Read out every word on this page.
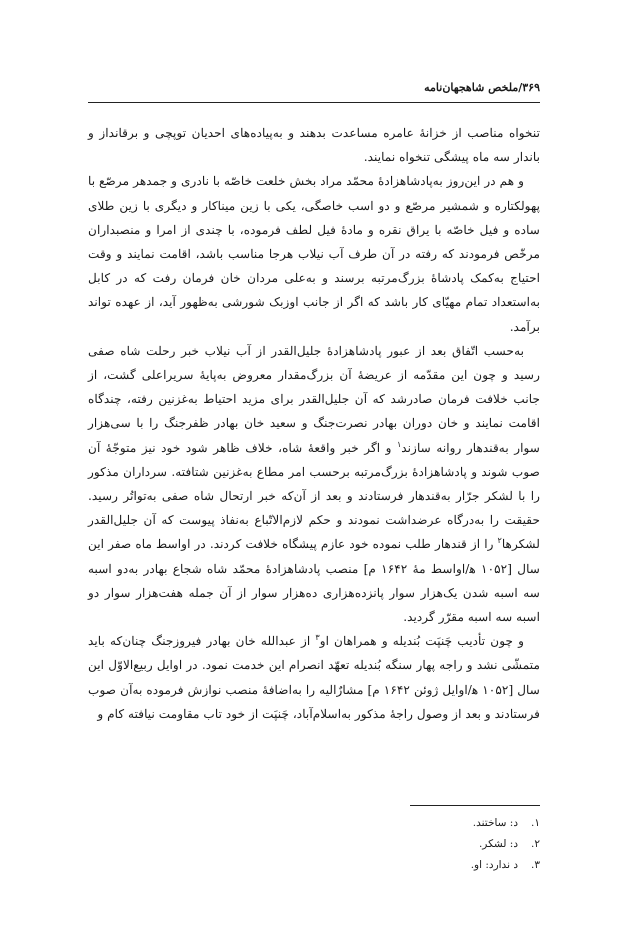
۳۶۹/ملخص شاهجهان‌نامه

تنخواه مناصب از خزانهٔ عامره مساعدت بدهند و به‌پیاده‌های احدیان توپچی و برقانداز و باندار سه ماه پیشگی تنخواه نمایند.

و هم در این‌روز به‌پادشاهزادهٔ محمّد مراد بخش خلعت خاصّه با نادری و جمدهر مرصّع با پهولکتاره و شمشیر مرصّع و دو اسب خاصگی، یکی با زین میناکار و دیگری با زین طلای ساده و فیل خاصّه با یراق نقره و مادهٔ فیل لطف فرموده، با چندی از امرا و منصبداران مرخّص فرمودند که رفته در آن طرف آب نیلاب هرجا مناسب باشد، اقامت نمایند و وقت احتیاج به‌کمک پادشاهٔ بزرگ‌مرتبه برسند و به‌علی مردان خان فرمان رفت که در کابل به‌استعداد تمام مهیّای کار باشد که اگر از جانب اوزبک شورشی به‌ظهور آید، از عهده تواند برآمد.

به‌حسب اتّفاق بعد از عبور پادشاهزادهٔ جلیل‌القدر از آب نیلاب خبر رحلت شاه صفی رسید و چون این مقدّمه از عریضهٔ آن بزرگ‌مقدار معروض به‌پایهٔ سریراعلی گشت، از جانب خلافت فرمان صادرشد که آن جلیل‌القدر برای مزید احتیاط به‌غزنین رفته، چندگاه اقامت نمایند و خان دوران بهادر نصرت‌جنگ و سعید خان بهادر ظفرجنگ را با سی‌هزار سوار به‌قندهار روانه سازند$^۱$ و اگر خبر واقعهٔ شاه، خلاف ظاهر شود خود نیز متوجّهٔ آن صوب شوند و پادشاهزادهٔ بزرگ‌مرتبه برحسب امر مطاع به‌غزنین شتافته. سرداران مذکور را با لشکر جرّار به‌قندهار فرستادند و بعد از آن‌که خبر ارتحال شاه صفی به‌تواتُر رسید. حقیقت را به‌درگاه عرضداشت نمودند و حکم لازم‌الاتّباع به‌نفاذ پیوست که آن جلیل‌القدر لشکرها$^۲$ را از قندهار طلب نموده خود عازم پیشگاه خلافت کردند. در اواسط ماه صفر این سال [۱۰۵۲ ه‍/اواسط مهٔ ۱۶۴۲ م] منصب پادشاهزادهٔ محمّد شاه شجاع بهادر به‌دو اسبه سه اسبه شدن یک‌هزار سوار پانزده‌هزاری ده‌هزار سوار از آن جمله هفت‌هزار سوار دو اسبه سه اسبه مقرّر گردید.

و چون تأدیب چَنپَت بُندیله و همراهان او$^۳$ از عبدالله خان بهادر فیروزجنگ چنان‌که باید متمشّی نشد و راجه پهار سنگه بُندیله تعهّد انصرام این خدمت نمود. در اوایل ربیع‌الاوّل این سال [۱۰۵۲ ه‍/اوایل ژوئن ۱۶۴۲ م] مشارٌالیه را به‌اضافهٔ منصب نوازش فرموده به‌آن صوب فرستادند و بعد از وصول راجهٔ مذکور به‌اسلام‌آباد، چَنپَت از خود تاب مقاومت نیافته کام و

۱.د: ساختند.
۲.د: لشکر.
۳.د ندارد: او.
